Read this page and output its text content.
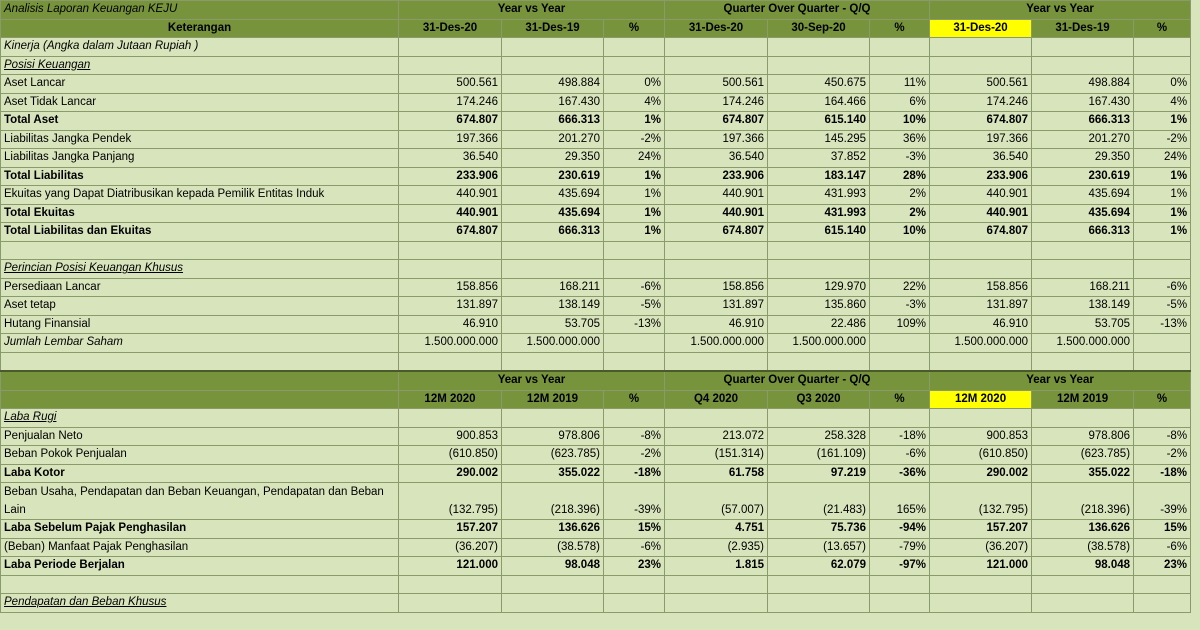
Analisis Laporan Keuangan KEJU	Year vs Year			Quarter Over Quarter - Q/Q			Year vs Year		
Keterangan	31-Des-20	31-Des-19	%	31-Des-20	30-Sep-20	%	31-Des-20	31-Des-19	%
Kinerja (Angka dalam Jutaan Rupiah )									
Posisi Keuangan									
Aset Lancar	500.561	498.884	0%	500.561	450.675	11%	500.561	498.884	0%
Aset Tidak Lancar	174.246	167.430	4%	174.246	164.466	6%	174.246	167.430	4%
Total Aset	674.807	666.313	1%	674.807	615.140	10%	674.807	666.313	1%
Liabilitas Jangka Pendek	197.366	201.270	-2%	197.366	145.295	36%	197.366	201.270	-2%
Liabilitas Jangka Panjang	36.540	29.350	24%	36.540	37.852	-3%	36.540	29.350	24%
Total Liabilitas	233.906	230.619	1%	233.906	183.147	28%	233.906	230.619	1%
Ekuitas yang Dapat Diatribusikan kepada Pemilik Entitas Induk	440.901	435.694	1%	440.901	431.993	2%	440.901	435.694	1%
Total Ekuitas	440.901	435.694	1%	440.901	431.993	2%	440.901	435.694	1%
Total Liabilitas dan Ekuitas	674.807	666.313	1%	674.807	615.140	10%	674.807	666.313	1%

Perincian Posisi Keuangan Khusus									
Persediaan Lancar	158.856	168.211	-6%	158.856	129.970	22%	158.856	168.211	-6%
Aset tetap	131.897	138.149	-5%	131.897	135.860	-3%	131.897	138.149	-5%
Hutang Finansial	46.910	53.705	-13%	46.910	22.486	109%	46.910	53.705	-13%
Jumlah Lembar Saham	1.500.000.000	1.500.000.000		1.500.000.000	1.500.000.000		1.500.000.000	1.500.000.000	

	Year vs Year			Quarter Over Quarter - Q/Q			Year vs Year		
	12M 2020	12M 2019	%	Q4 2020	Q3 2020	%	12M 2020	12M 2019	%
Laba Rugi									
Penjualan Neto	900.853	978.806	-8%	213.072	258.328	-18%	900.853	978.806	-8%
Beban Pokok Penjualan	(610.850)	(623.785)	-2%	(151.314)	(161.109)	-6%	(610.850)	(623.785)	-2%
Laba Kotor	290.002	355.022	-18%	61.758	97.219	-36%	290.002	355.022	-18%
Beban Usaha, Pendapatan dan Beban Keuangan, Pendapatan dan Beban Lain	(132.795)	(218.396)	-39%	(57.007)	(21.483)	165%	(132.795)	(218.396)	-39%
Laba Sebelum Pajak Penghasilan	157.207	136.626	15%	4.751	75.736	-94%	157.207	136.626	15%
(Beban) Manfaat Pajak Penghasilan	(36.207)	(38.578)	-6%	(2.935)	(13.657)	-79%	(36.207)	(38.578)	-6%
Laba Periode Berjalan	121.000	98.048	23%	1.815	62.079	-97%	121.000	98.048	23%

Pendapatan dan Beban Khusus									
